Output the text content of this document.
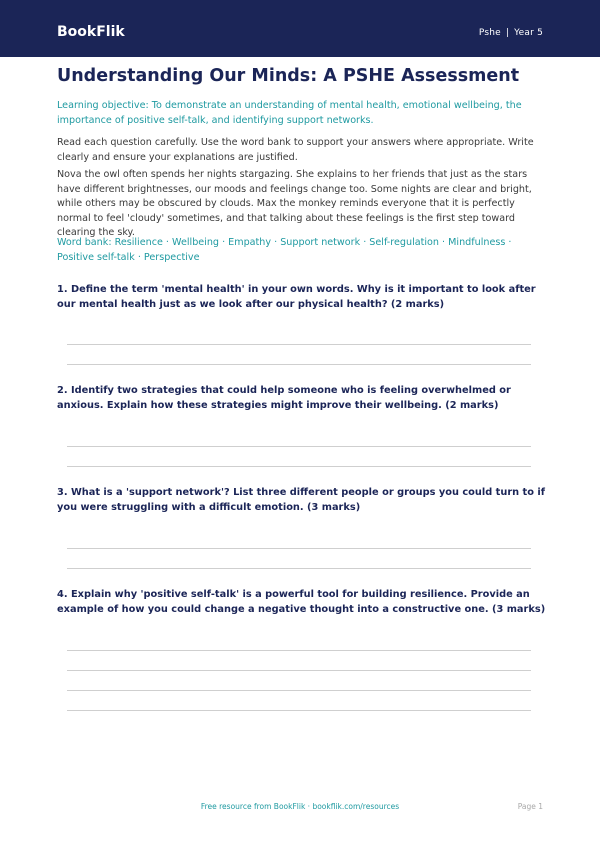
BookFlik	Pshe | Year 5
Understanding Our Minds: A PSHE Assessment

Learning objective: To demonstrate an understanding of mental health, emotional wellbeing, the importance of positive self-talk, and identifying support networks.

Read each question carefully. Use the word bank to support your answers where appropriate. Write clearly and ensure your explanations are justified.

Nova the owl often spends her nights stargazing. She explains to her friends that just as the stars have different brightnesses, our moods and feelings change too. Some nights are clear and bright, while others may be obscured by clouds. Max the monkey reminds everyone that it is perfectly normal to feel 'cloudy' sometimes, and that talking about these feelings is the first step toward clearing the sky.

Word bank: Resilience · Wellbeing · Empathy · Support network · Self-regulation · Mindfulness · Positive self-talk · Perspective

1. Define the term 'mental health' in your own words. Why is it important to look after our mental health just as we look after our physical health? (2 marks)

2. Identify two strategies that could help someone who is feeling overwhelmed or anxious. Explain how these strategies might improve their wellbeing. (2 marks)

3. What is a 'support network'? List three different people or groups you could turn to if you were struggling with a difficult emotion. (3 marks)

4. Explain why 'positive self-talk' is a powerful tool for building resilience. Provide an example of how you could change a negative thought into a constructive one. (3 marks)

Free resource from BookFlik · bookflik.com/resources	Page 1
